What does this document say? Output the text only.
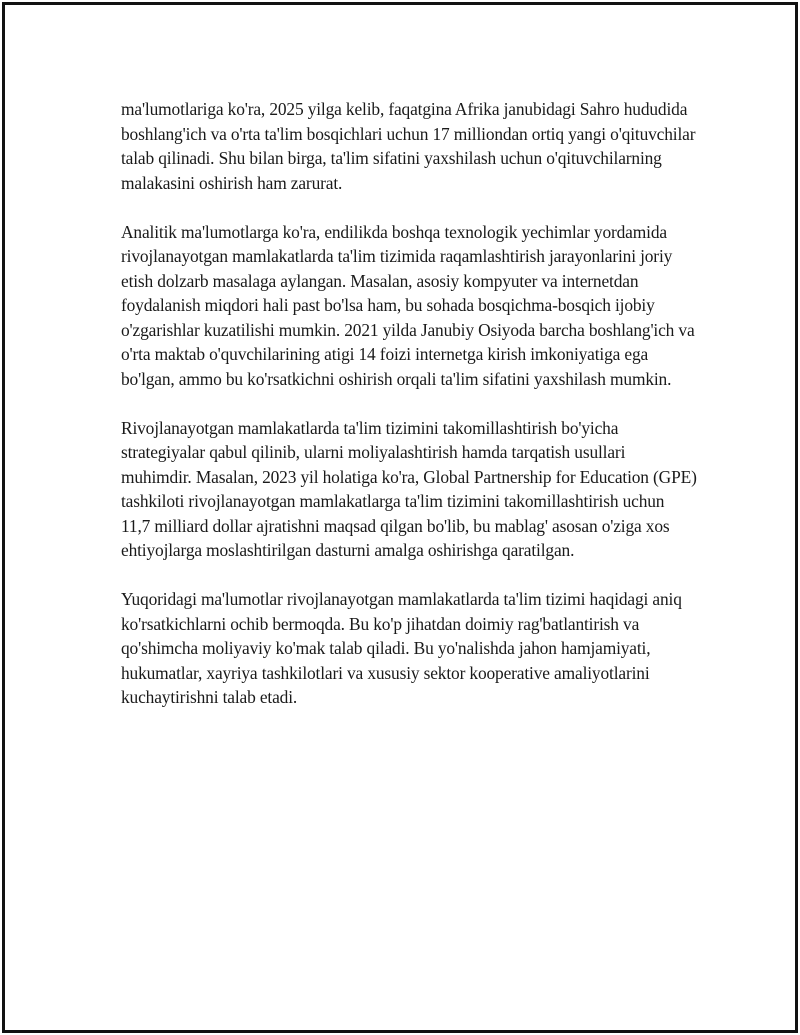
ma'lumotlariga ko'ra, 2025 yilga kelib, faqatgina Afrika janubidagi Sahro hududida boshlang'ich va o'rta ta'lim bosqichlari uchun 17 milliondan ortiq yangi o'qituvchilar talab qilinadi. Shu bilan birga, ta'lim sifatini yaxshilash uchun o'qituvchilarning malakasini oshirish ham zarurat.

Analitik ma'lumotlarga ko'ra, endilikda boshqa texnologik yechimlar yordamida rivojlanayotgan mamlakatlarda ta'lim tizimida raqamlashtirish jarayonlarini joriy etish dolzarb masalaga aylangan. Masalan, asosiy kompyuter va internetdan foydalanish miqdori hali past bo'lsa ham, bu sohada bosqichma-bosqich ijobiy o'zgarishlar kuzatilishi mumkin. 2021 yilda Janubiy Osiyoda barcha boshlang'ich va o'rta maktab o'quvchilarining atigi 14 foizi internetga kirish imkoniyatiga ega bo'lgan, ammo bu ko'rsatkichni oshirish orqali ta'lim sifatini yaxshilash mumkin.

Rivojlanayotgan mamlakatlarda ta'lim tizimini takomillashtirish bo'yicha strategiyalar qabul qilinib, ularni moliyalashtirish hamda tarqatish usullari muhimdir. Masalan, 2023 yil holatiga ko'ra, Global Partnership for Education (GPE) tashkiloti rivojlanayotgan mamlakatlarga ta'lim tizimini takomillashtirish uchun 11,7 milliard dollar ajratishni maqsad qilgan bo'lib, bu mablag' asosan o'ziga xos ehtiyojlarga moslashtirilgan dasturni amalga oshirishga qaratilgan.

Yuqoridagi ma'lumotlar rivojlanayotgan mamlakatlarda ta'lim tizimi haqidagi aniq ko'rsatkichlarni ochib bermoqda. Bu ko'p jihatdan doimiy rag'batlantirish va qo'shimcha moliyaviy ko'mak talab qiladi. Bu yo'nalishda jahon hamjamiyati, hukumatlar, xayriya tashkilotlari va xususiy sektor kooperative amaliyotlarini kuchaytirishni talab etadi.
